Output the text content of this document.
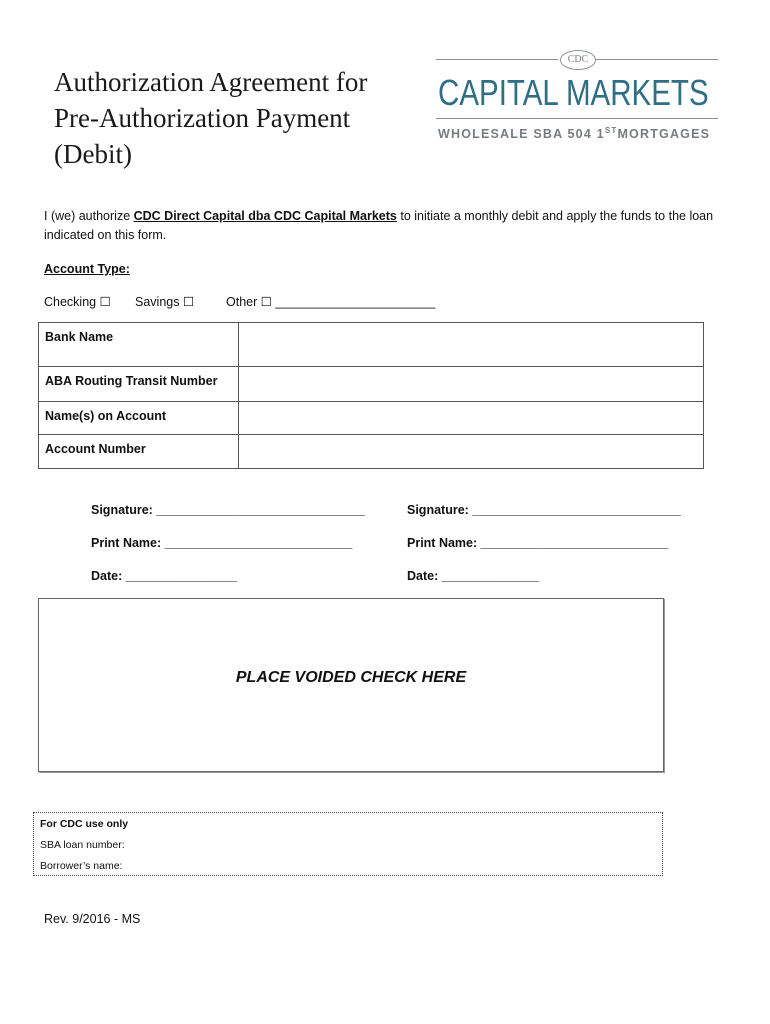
Authorization Agreement for
Pre-Authorization Payment
(Debit)
CDC
CAPITAL MARKETS
WHOLESALE SBA 504 1STMORTGAGES
I (we) authorize CDC Direct Capital dba CDC Capital Markets to initiate a monthly debit and apply the funds to the loan indicated on this form.
Account Type:
Checking ☐ Savings ☐	Other ☐ _______________________
Bank Name	
ABA Routing Transit Number	
Name(s) on Account	
Account Number	
Signature: ______________________________
Print Name: ___________________________
Date: ________________
Signature: ______________________________
Print Name: ___________________________
Date: ______________
PLACE VOIDED CHECK HERE
For CDC use only
SBA loan number:
Borrower’s name:
Rev. 9/2016 - MS
